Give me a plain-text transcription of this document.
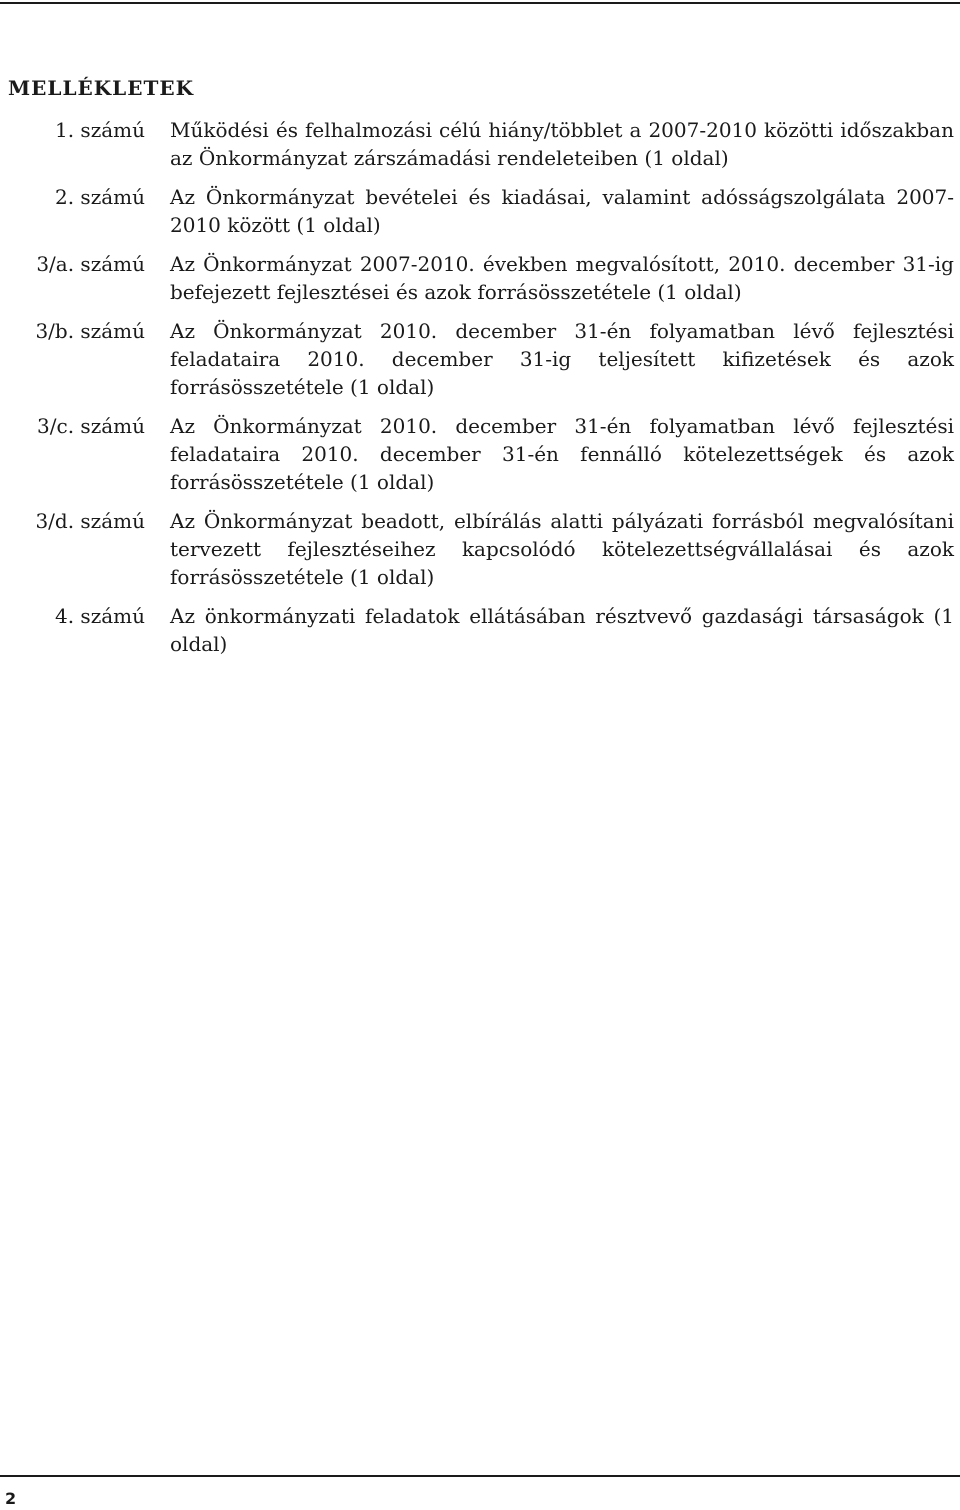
MELLÉKLETEK
1. számú Működési és felhalmozási célú hiány/többlet a 2007-2010 közötti időszakban az Önkormányzat zárszámadási rendeleteiben (1 oldal)
2. számú Az Önkormányzat bevételei és kiadásai, valamint adósságszolgálata 2007-2010 között (1 oldal)
3/a. számú Az Önkormányzat 2007-2010. években megvalósított, 2010. december 31-ig befejezett fejlesztései és azok forrásösszetétele (1 oldal)
3/b. számú Az Önkormányzat 2010. december 31-én folyamatban lévő fejlesztési feladataira 2010. december 31-ig teljesített kifizetések és azok forrásösszetétele (1 oldal)
3/c. számú Az Önkormányzat 2010. december 31-én folyamatban lévő fejlesztési feladataira 2010. december 31-én fennálló kötelezettségek és azok forrásösszetétele (1 oldal)
3/d. számú Az Önkormányzat beadott, elbírálás alatti pályázati forrásból megvalósítani tervezett fejlesztéseihez kapcsolódó kötelezettségvállalásai és azok forrásösszetétele (1 oldal)
4. számú Az önkormányzati feladatok ellátásában résztvevő gazdasági társaságok (1 oldal)
2
